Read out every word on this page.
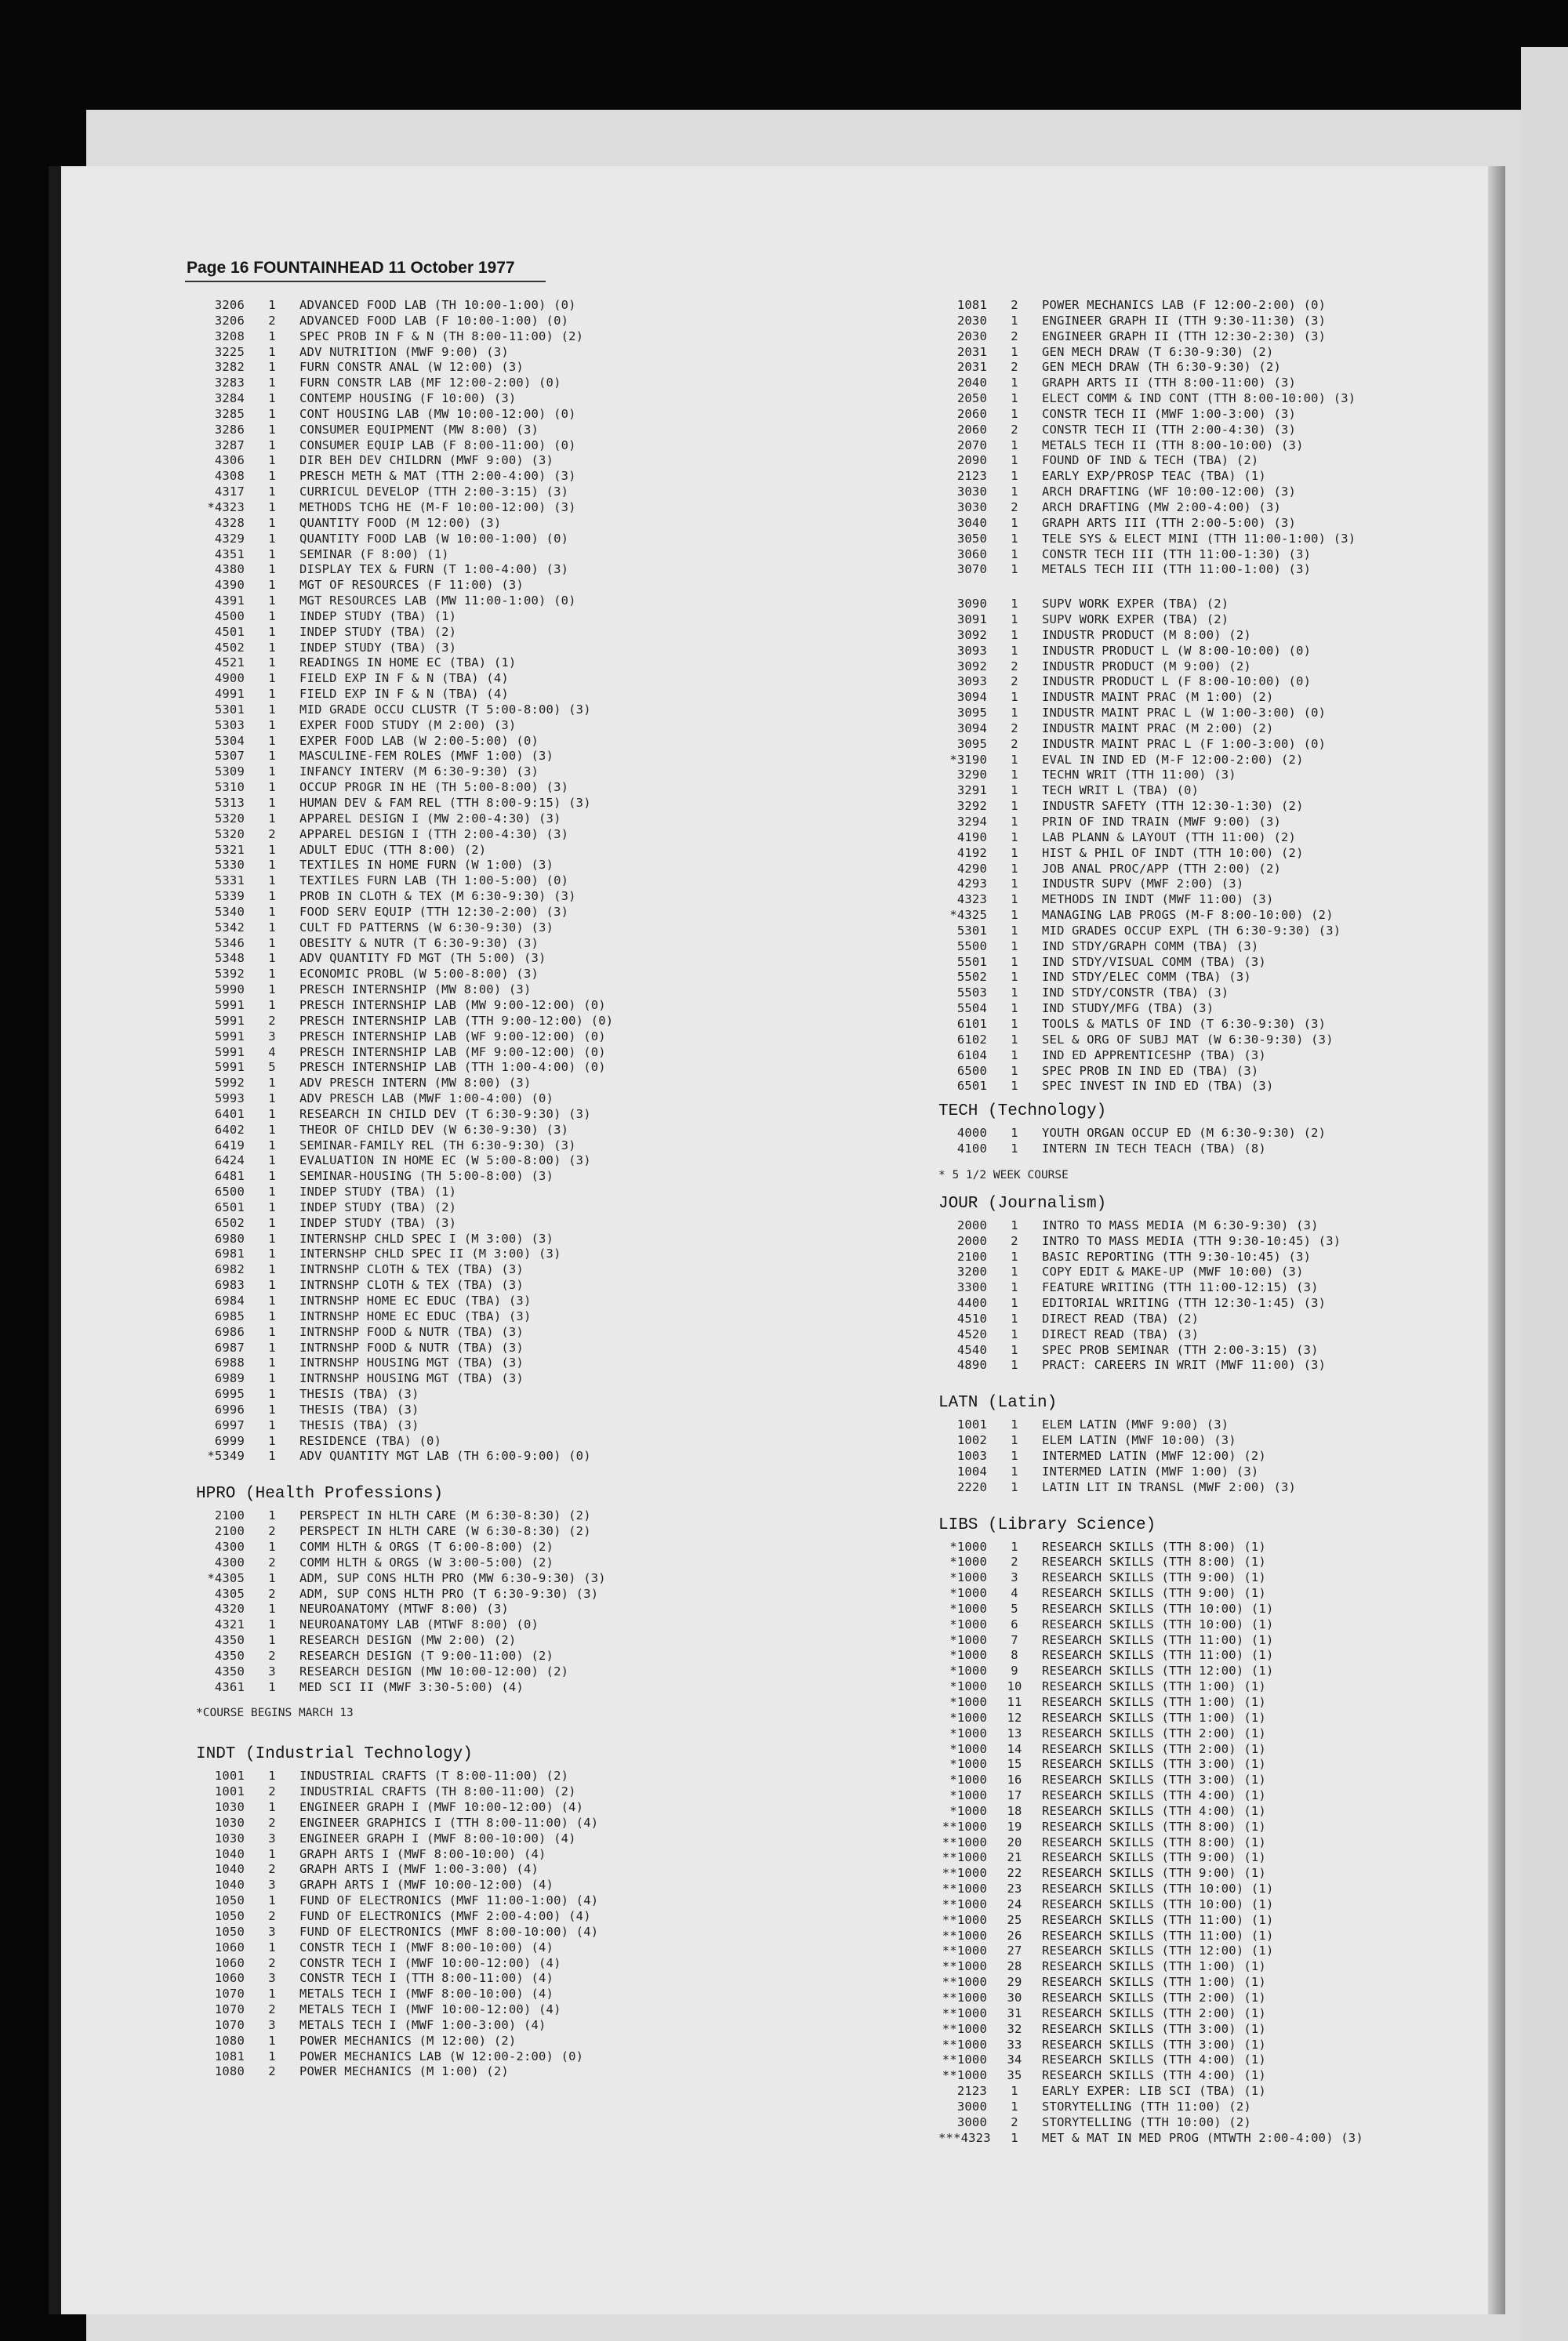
Page 16 FOUNTAINHEAD 11 October 1977
3206 1 ADVANCED FOOD LAB (TH 10:00-1:00) (0)
3206 2 ADVANCED FOOD LAB (F 10:00-1:00) (0)
3208 1 SPEC PROB IN F & N (TH 8:00-11:00) (2)
3225 1 ADV NUTRITION (MWF 9:00) (3)
3282 1 FURN CONSTR ANAL (W 12:00) (3)
3283 1 FURN CONSTR LAB (MF 12:00-2:00) (0)
3284 1 CONTEMP HOUSING (F 10:00) (3)
3285 1 CONT HOUSING LAB (MW 10:00-12:00) (0)
3286 1 CONSUMER EQUIPMENT (MW 8:00) (3)
3287 1 CONSUMER EQUIP LAB (F 8:00-11:00) (0)
4306 1 DIR BEH DEV CHILDRN (MWF 9:00) (3)
4308 1 PRESCH METH & MAT (TTH 2:00-4:00) (3)
4317 1 CURRICUL DEVELOP (TTH 2:00-3:15) (3)
*4323 1 METHODS TCHG HE (M-F 10:00-12:00) (3)
4328 1 QUANTITY FOOD (M 12:00) (3)
4329 1 QUANTITY FOOD LAB (W 10:00-1:00) (0)
4351 1 SEMINAR (F 8:00) (1)
4380 1 DISPLAY TEX & FURN (T 1:00-4:00) (3)
4390 1 MGT OF RESOURCES (F 11:00) (3)
4391 1 MGT RESOURCES LAB (MW 11:00-1:00) (0)
4500 1 INDEP STUDY (TBA) (1)
4501 1 INDEP STUDY (TBA) (2)
4502 1 INDEP STUDY (TBA) (3)
4521 1 READINGS IN HOME EC (TBA) (1)
4900 1 FIELD EXP IN F & N (TBA) (4)
4991 1 FIELD EXP IN F & N (TBA) (4)
5301 1 MID GRADE OCCU CLUSTR (T 5:00-8:00) (3)
5303 1 EXPER FOOD STUDY (M 2:00) (3)
5304 1 EXPER FOOD LAB (W 2:00-5:00) (0)
5307 1 MASCULINE-FEM ROLES (MWF 1:00) (3)
5309 1 INFANCY INTERV (M 6:30-9:30) (3)
5310 1 OCCUP PROGR IN HE (TH 5:00-8:00) (3)
5313 1 HUMAN DEV & FAM REL (TTH 8:00-9:15) (3)
5320 1 APPAREL DESIGN I (MW 2:00-4:30) (3)
5320 2 APPAREL DESIGN I (TTH 2:00-4:30) (3)
5321 1 ADULT EDUC (TTH 8:00) (2)
5330 1 TEXTILES IN HOME FURN (W 1:00) (3)
5331 1 TEXTILES FURN LAB (TH 1:00-5:00) (0)
5339 1 PROB IN CLOTH & TEX (M 6:30-9:30) (3)
5340 1 FOOD SERV EQUIP (TTH 12:30-2:00) (3)
5342 1 CULT FD PATTERNS (W 6:30-9:30) (3)
5346 1 OBESITY & NUTR (T 6:30-9:30) (3)
5348 1 ADV QUANTITY FD MGT (TH 5:00) (3)
5392 1 ECONOMIC PROBL (W 5:00-8:00) (3)
5990 1 PRESCH INTERNSHIP (MW 8:00) (3)
5991 1 PRESCH INTERNSHIP LAB (MW 9:00-12:00) (0)
5991 2 PRESCH INTERNSHIP LAB (TTH 9:00-12:00) (0)
5991 3 PRESCH INTERNSHIP LAB (WF 9:00-12:00) (0)
5991 4 PRESCH INTERNSHIP LAB (MF 9:00-12:00) (0)
5991 5 PRESCH INTERNSHIP LAB (TTH 1:00-4:00) (0)
5992 1 ADV PRESCH INTERN (MW 8:00) (3)
5993 1 ADV PRESCH LAB (MWF 1:00-4:00) (0)
6401 1 RESEARCH IN CHILD DEV (T 6:30-9:30) (3)
6402 1 THEOR OF CHILD DEV (W 6:30-9:30) (3)
6419 1 SEMINAR-FAMILY REL (TH 6:30-9:30) (3)
6424 1 EVALUATION IN HOME EC (W 5:00-8:00) (3)
6481 1 SEMINAR-HOUSING (TH 5:00-8:00) (3)
6500 1 INDEP STUDY (TBA) (1)
6501 1 INDEP STUDY (TBA) (2)
6502 1 INDEP STUDY (TBA) (3)
6980 1 INTERNSHP CHLD SPEC I (M 3:00) (3)
6981 1 INTERNSHP CHLD SPEC II (M 3:00) (3)
6982 1 INTRNSHP CLOTH & TEX (TBA) (3)
6983 1 INTRNSHP CLOTH & TEX (TBA) (3)
6984 1 INTRNSHP HOME EC EDUC (TBA) (3)
6985 1 INTRNSHP HOME EC EDUC (TBA) (3)
6986 1 INTRNSHP FOOD & NUTR (TBA) (3)
6987 1 INTRNSHP FOOD & NUTR (TBA) (3)
6988 1 INTRNSHP HOUSING MGT (TBA) (3)
6989 1 INTRNSHP HOUSING MGT (TBA) (3)
6995 1 THESIS (TBA) (3)
6996 1 THESIS (TBA) (3)
6997 1 THESIS (TBA) (3)
6999 1 RESIDENCE (TBA) (0)
*5349 1 ADV QUANTITY MGT LAB (TH 6:00-9:00) (0)
HPRO (Health Professions)
2100 1 PERSPECT IN HLTH CARE (M 6:30-8:30) (2)
2100 2 PERSPECT IN HLTH CARE (W 6:30-8:30) (2)
4300 1 COMM HLTH & ORGS (T 6:00-8:00) (2)
4300 2 COMM HLTH & ORGS (W 3:00-5:00) (2)
*4305 1 ADM, SUP CONS HLTH PRO (MW 6:30-9:30) (3)
4305 2 ADM, SUP CONS HLTH PRO (T 6:30-9:30) (3)
4320 1 NEUROANATOMY (MTWF 8:00) (3)
4321 1 NEUROANATOMY LAB (MTWF 8:00) (0)
4350 1 RESEARCH DESIGN (MW 2:00) (2)
4350 2 RESEARCH DESIGN (T 9:00-11:00) (2)
4350 3 RESEARCH DESIGN (MW 10:00-12:00) (2)
4361 1 MED SCI II (MWF 3:30-5:00) (4)
*COURSE BEGINS MARCH 13
INDT (Industrial Technology)
1001 1 INDUSTRIAL CRAFTS (T 8:00-11:00) (2)
1001 2 INDUSTRIAL CRAFTS (TH 8:00-11:00) (2)
1030 1 ENGINEER GRAPH I (MWF 10:00-12:00) (4)
1030 2 ENGINEER GRAPHICS I (TTH 8:00-11:00) (4)
1030 3 ENGINEER GRAPH I (MWF 8:00-10:00) (4)
1040 1 GRAPH ARTS I (MWF 8:00-10:00) (4)
1040 2 GRAPH ARTS I (MWF 1:00-3:00) (4)
1040 3 GRAPH ARTS I (MWF 10:00-12:00) (4)
1050 1 FUND OF ELECTRONICS (MWF 11:00-1:00) (4)
1050 2 FUND OF ELECTRONICS (MWF 2:00-4:00) (4)
1050 3 FUND OF ELECTRONICS (MWF 8:00-10:00) (4)
1060 1 CONSTR TECH I (MWF 8:00-10:00) (4)
1060 2 CONSTR TECH I (MWF 10:00-12:00) (4)
1060 3 CONSTR TECH I (TTH 8:00-11:00) (4)
1070 1 METALS TECH I (MWF 8:00-10:00) (4)
1070 2 METALS TECH I (MWF 10:00-12:00) (4)
1070 3 METALS TECH I (MWF 1:00-3:00) (4)
1080 1 POWER MECHANICS (M 12:00) (2)
1081 1 POWER MECHANICS LAB (W 12:00-2:00) (0)
1080 2 POWER MECHANICS (M 1:00) (2)
1081 2 POWER MECHANICS LAB (F 12:00-2:00) (0)
2030 1 ENGINEER GRAPH II (TTH 9:30-11:30) (3)
2030 2 ENGINEER GRAPH II (TTH 12:30-2:30) (3)
2031 1 GEN MECH DRAW (T 6:30-9:30) (2)
2031 2 GEN MECH DRAW (TH 6:30-9:30) (2)
2040 1 GRAPH ARTS II (TTH 8:00-11:00) (3)
2050 1 ELECT COMM & IND CONT (TTH 8:00-10:00) (3)
2060 1 CONSTR TECH II (MWF 1:00-3:00) (3)
2060 2 CONSTR TECH II (TTH 2:00-4:30) (3)
2070 1 METALS TECH II (TTH 8:00-10:00) (3)
2090 1 FOUND OF IND & TECH (TBA) (2)
2123 1 EARLY EXP/PROSP TEAC (TBA) (1)
3030 1 ARCH DRAFTING (WF 10:00-12:00) (3)
3030 2 ARCH DRAFTING (MW 2:00-4:00) (3)
3040 1 GRAPH ARTS III (TTH 2:00-5:00) (3)
3050 1 TELE SYS & ELECT MINI (TTH 11:00-1:00) (3)
3060 1 CONSTR TECH III (TTH 11:00-1:30) (3)
3070 1 METALS TECH III (TTH 11:00-1:00) (3)
3090 1 SUPV WORK EXPER (TBA) (2)
3091 1 SUPV WORK EXPER (TBA) (2)
3092 1 INDUSTR PRODUCT (M 8:00) (2)
3093 1 INDUSTR PRODUCT L (W 8:00-10:00) (0)
3092 2 INDUSTR PRODUCT (M 9:00) (2)
3093 2 INDUSTR PRODUCT L (F 8:00-10:00) (0)
3094 1 INDUSTR MAINT PRAC (M 1:00) (2)
3095 1 INDUSTR MAINT PRAC L (W 1:00-3:00) (0)
3094 2 INDUSTR MAINT PRAC (M 2:00) (2)
3095 2 INDUSTR MAINT PRAC L (F 1:00-3:00) (0)
*3190 1 EVAL IN IND ED (M-F 12:00-2:00) (2)
3290 1 TECHN WRIT (TTH 11:00) (3)
3291 1 TECH WRIT L (TBA) (0)
3292 1 INDUSTR SAFETY (TTH 12:30-1:30) (2)
3294 1 PRIN OF IND TRAIN (MWF 9:00) (3)
4190 1 LAB PLANN & LAYOUT (TTH 11:00) (2)
4192 1 HIST & PHIL OF INDT (TTH 10:00) (2)
4290 1 JOB ANAL PROC/APP (TTH 2:00) (2)
4293 1 INDUSTR SUPV (MWF 2:00) (3)
4323 1 METHODS IN INDT (MWF 11:00) (3)
*4325 1 MANAGING LAB PROGS (M-F 8:00-10:00) (2)
5301 1 MID GRADES OCCUP EXPL (TH 6:30-9:30) (3)
5500 1 IND STDY/GRAPH COMM (TBA) (3)
5501 1 IND STDY/VISUAL COMM (TBA) (3)
5502 1 IND STDY/ELEC COMM (TBA) (3)
5503 1 IND STDY/CONSTR (TBA) (3)
5504 1 IND STUDY/MFG (TBA) (3)
6101 1 TOOLS & MATLS OF IND (T 6:30-9:30) (3)
6102 1 SEL & ORG OF SUBJ MAT (W 6:30-9:30) (3)
6104 1 IND ED APPRENTICESHP (TBA) (3)
6500 1 SPEC PROB IN IND ED (TBA) (3)
6501 1 SPEC INVEST IN IND ED (TBA) (3)
TECH (Technology)
4000 1 YOUTH ORGAN OCCUP ED (M 6:30-9:30) (2)
4100 1 INTERN IN TECH TEACH (TBA) (8)
* 5 1/2 WEEK COURSE
JOUR (Journalism)
2000 1 INTRO TO MASS MEDIA (M 6:30-9:30) (3)
2000 2 INTRO TO MASS MEDIA (TTH 9:30-10:45) (3)
2100 1 BASIC REPORTING (TTH 9:30-10:45) (3)
3200 1 COPY EDIT & MAKE-UP (MWF 10:00) (3)
3300 1 FEATURE WRITING (TTH 11:00-12:15) (3)
4400 1 EDITORIAL WRITING (TTH 12:30-1:45) (3)
4510 1 DIRECT READ (TBA) (2)
4520 1 DIRECT READ (TBA) (3)
4540 1 SPEC PROB SEMINAR (TTH 2:00-3:15) (3)
4890 1 PRACT: CAREERS IN WRIT (MWF 11:00) (3)
LATN (Latin)
1001 1 ELEM LATIN (MWF 9:00) (3)
1002 1 ELEM LATIN (MWF 10:00) (3)
1003 1 INTERMED LATIN (MWF 12:00) (2)
1004 1 INTERMED LATIN (MWF 1:00) (3)
2220 1 LATIN LIT IN TRANSL (MWF 2:00) (3)
LIBS (Library Science)
*1000 1 RESEARCH SKILLS (TTH 8:00) (1)
*1000 2 RESEARCH SKILLS (TTH 8:00) (1)
*1000 3 RESEARCH SKILLS (TTH 9:00) (1)
*1000 4 RESEARCH SKILLS (TTH 9:00) (1)
*1000 5 RESEARCH SKILLS (TTH 10:00) (1)
*1000 6 RESEARCH SKILLS (TTH 10:00) (1)
*1000 7 RESEARCH SKILLS (TTH 11:00) (1)
*1000 8 RESEARCH SKILLS (TTH 11:00) (1)
*1000 9 RESEARCH SKILLS (TTH 12:00) (1)
*1000 10 RESEARCH SKILLS (TTH 1:00) (1)
*1000 11 RESEARCH SKILLS (TTH 1:00) (1)
*1000 12 RESEARCH SKILLS (TTH 1:00) (1)
*1000 13 RESEARCH SKILLS (TTH 2:00) (1)
*1000 14 RESEARCH SKILLS (TTH 2:00) (1)
*1000 15 RESEARCH SKILLS (TTH 3:00) (1)
*1000 16 RESEARCH SKILLS (TTH 3:00) (1)
*1000 17 RESEARCH SKILLS (TTH 4:00) (1)
*1000 18 RESEARCH SKILLS (TTH 4:00) (1)
**1000 19 RESEARCH SKILLS (TTH 8:00) (1)
**1000 20 RESEARCH SKILLS (TTH 8:00) (1)
**1000 21 RESEARCH SKILLS (TTH 9:00) (1)
**1000 22 RESEARCH SKILLS (TTH 9:00) (1)
**1000 23 RESEARCH SKILLS (TTH 10:00) (1)
**1000 24 RESEARCH SKILLS (TTH 10:00) (1)
**1000 25 RESEARCH SKILLS (TTH 11:00) (1)
**1000 26 RESEARCH SKILLS (TTH 11:00) (1)
**1000 27 RESEARCH SKILLS (TTH 12:00) (1)
**1000 28 RESEARCH SKILLS (TTH 1:00) (1)
**1000 29 RESEARCH SKILLS (TTH 1:00) (1)
**1000 30 RESEARCH SKILLS (TTH 2:00) (1)
**1000 31 RESEARCH SKILLS (TTH 2:00) (1)
**1000 32 RESEARCH SKILLS (TTH 3:00) (1)
**1000 33 RESEARCH SKILLS (TTH 3:00) (1)
**1000 34 RESEARCH SKILLS (TTH 4:00) (1)
**1000 35 RESEARCH SKILLS (TTH 4:00) (1)
2123 1 EARLY EXPER: LIB SCI (TBA) (1)
3000 1 STORYTELLING (TTH 11:00) (2)
3000 2 STORYTELLING (TTH 10:00) (2)
***4323 1 MET & MAT IN MED PROG (MTWTH 2:00-4:00) (3)
